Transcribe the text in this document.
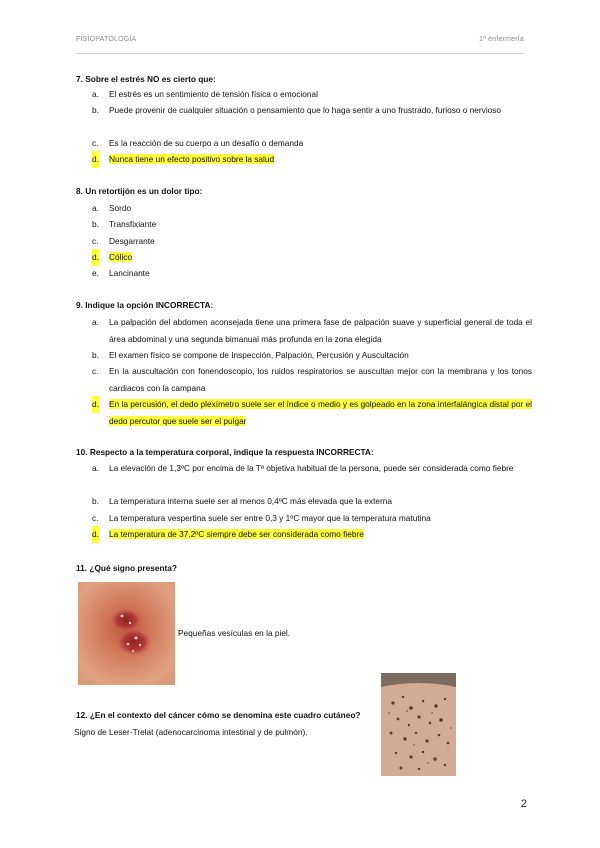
FISIOPATOLOGÍA	1º enfermería
7. Sobre el estrés NO es cierto que:
a. El estrés es un sentimiento de tensión física o emocional
b. Puede provenir de cualquier situación o pensamiento que lo haga sentir a uno frustrado, furioso o nervioso
c. Es la reacción de su cuerpo a un desafío o demanda
d. Nunca tiene un efecto positivo sobre la salud
8. Un retortijón es un dolor tipo:
a. Sordo
b. Transfixiante
c. Desgarrante
d. Cólico
e. Lancinante
9. Indique la opción INCORRECTA:
a. La palpación del abdomen aconsejada tiene una primera fase de palpación suave y superficial general de toda el área abdominal y una segunda bimanual más profunda en la zona elegida
b. El examen físico se compone de Inspección, Palpación, Percusión y Auscultación
c. En la auscultación con fonendoscopio, los ruidos respiratorios se auscultan mejor con la membrana y los tonos cardiacos con la campana
d. En la percusión, el dedo plexímetro suele ser el índice o medio y es golpeado en la zona interfalángica distal por el dedo percutor que suele ser el pulgar
10. Respecto a la temperatura corporal, indique la respuesta INCORRECTA:
a. La elevación de 1,3ºC por encima de la Tª objetiva habitual de la persona, puede ser considerada como fiebre
b. La temperatura interna suele ser al menos 0,4ºC más elevada que la externa
c. La temperatura vespertina suele ser entre 0,3 y 1ºC mayor que la temperatura matutina
d. La temperatura de 37,2ºC siempre debe ser considerada como fiebre
11. ¿Qué signo presenta?
Pequeñas vesículas en la piel.
12. ¿En el contexto del cáncer cómo se denomina este cuadro cutáneo?
Signo de Leser-Trelat (adenocarcinoma intestinal y de pulmón).
2
